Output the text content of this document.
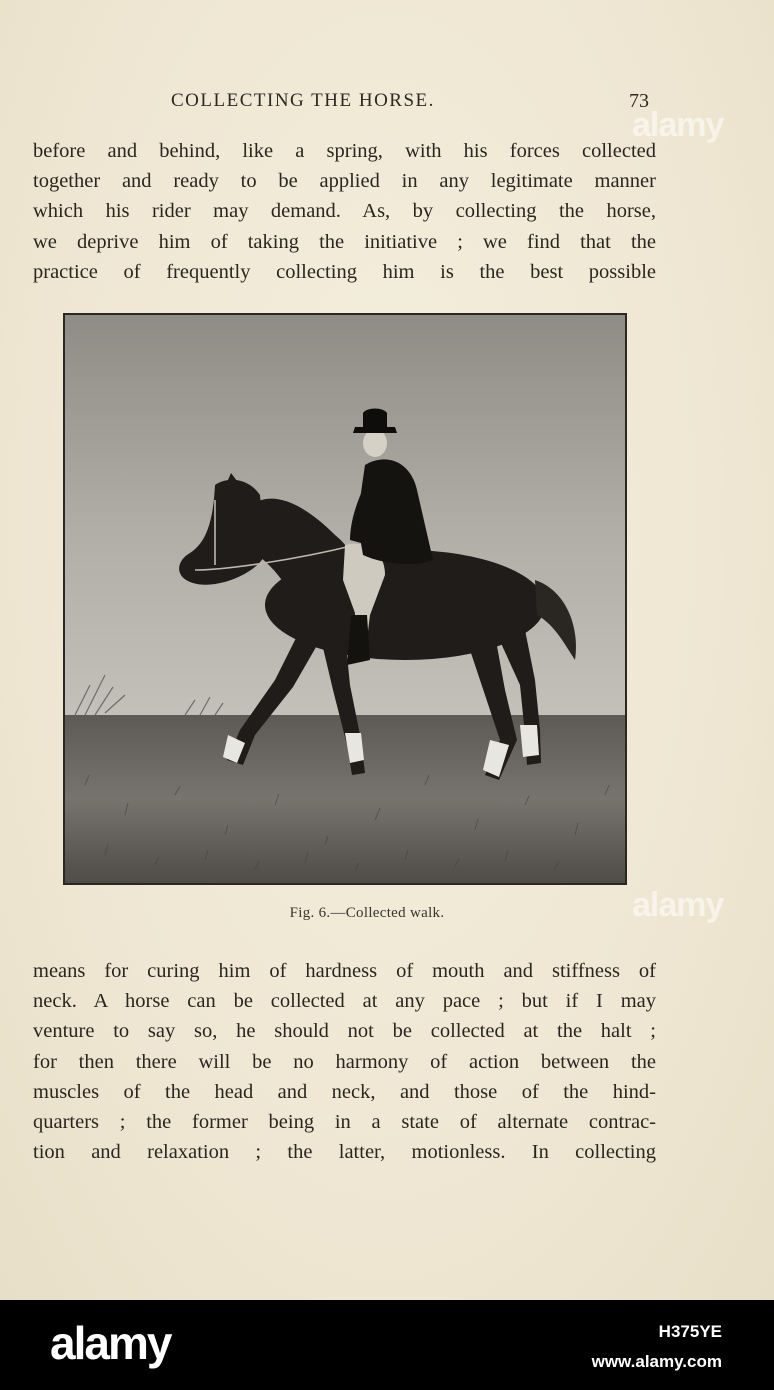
COLLECTING THE HORSE.	73
before and behind, like a spring, with his forces collected
together and ready to be applied in any legitimate manner
which his rider may demand. As, by collecting the horse,
we deprive him of taking the initiative ; we find that the
practice of frequently collecting him is the best possible
Fig. 6.—Collected walk.
means for curing him of hardness of mouth and stiffness of
neck. A horse can be collected at any pace ; but if I may
venture to say so, he should not be collected at the halt ;
for then there will be no harmony of action between the
muscles of the head and neck, and those of the hind-
quarters ; the former being in a state of alternate contrac-
tion and relaxation ; the latter, motionless. In collecting
alamy
alamy
alamy	H375YE
www.alamy.com
